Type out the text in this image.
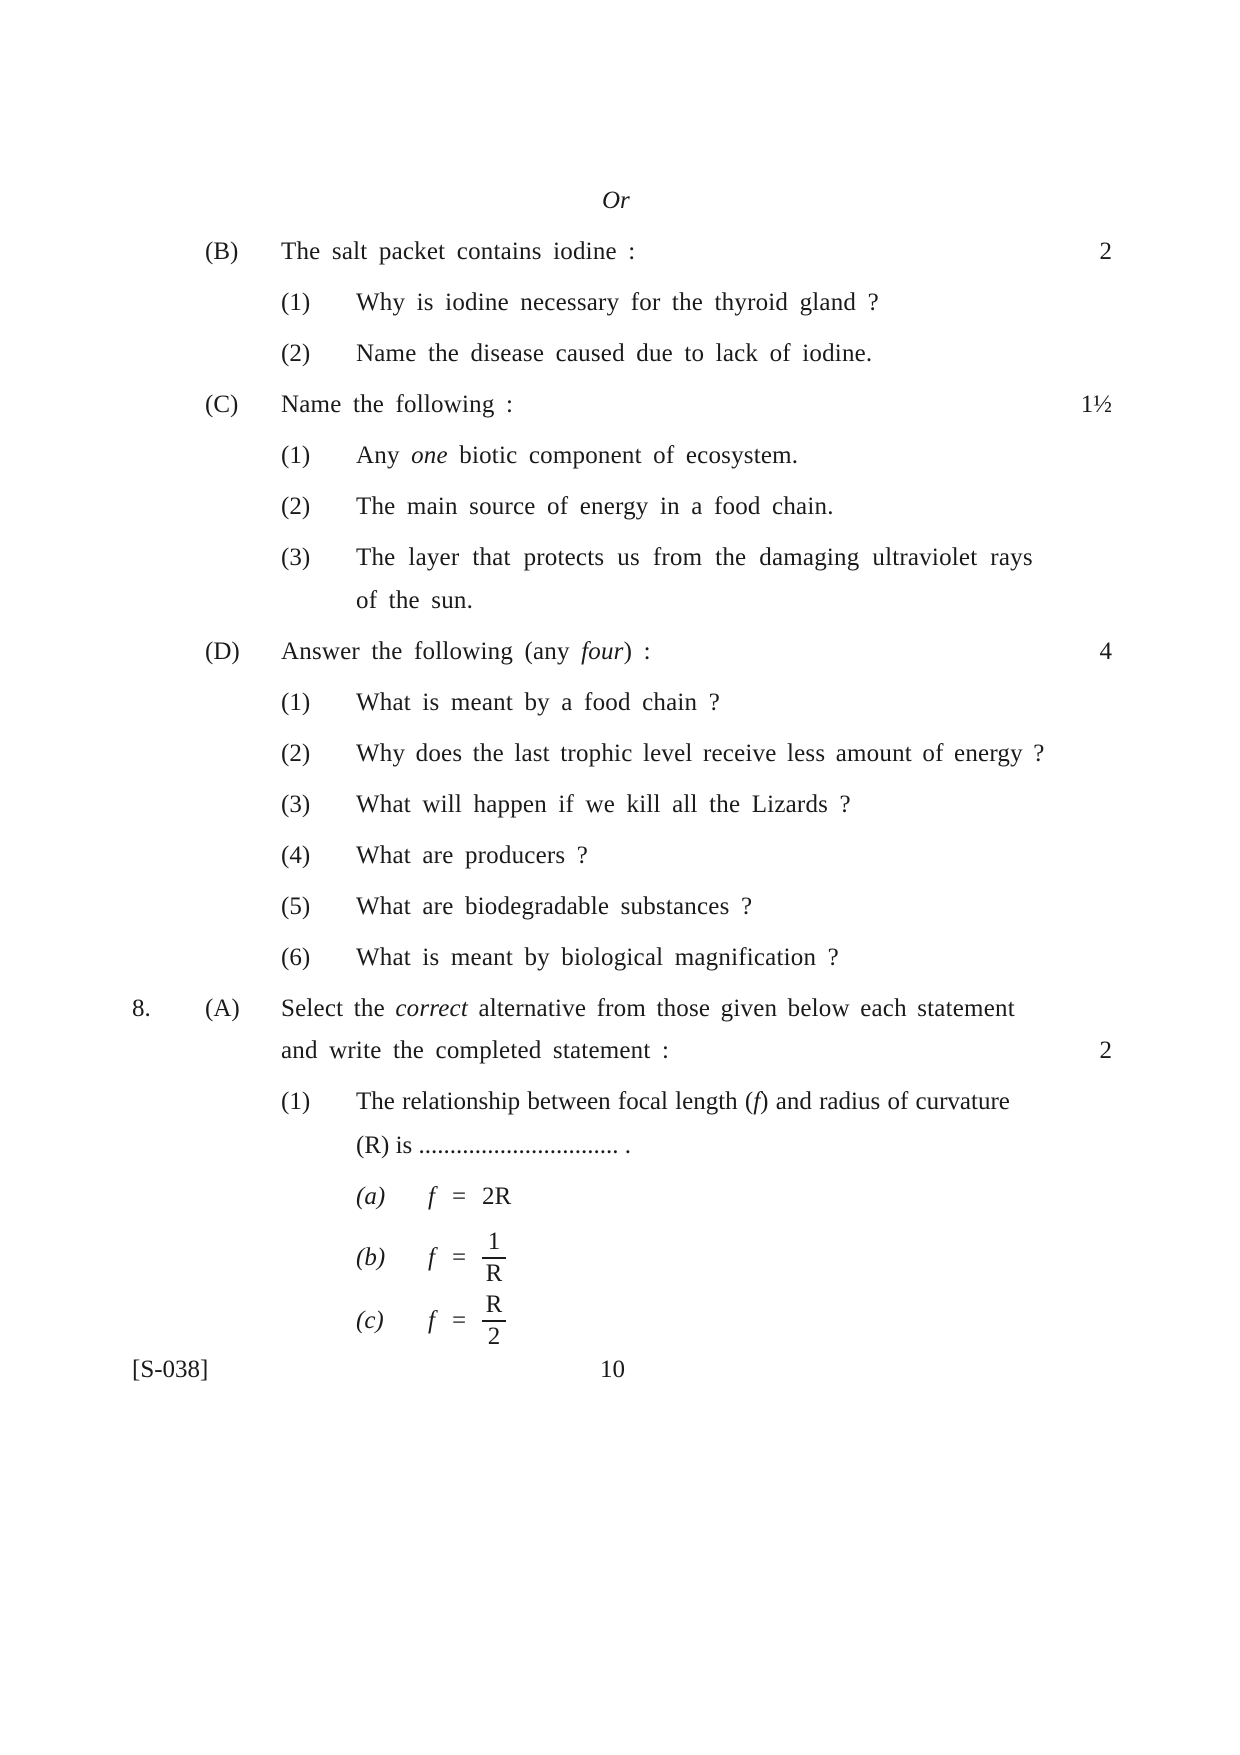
Or
(B) The salt packet contains iodine :	2
(1) Why is iodine necessary for the thyroid gland ?
(2) Name the disease caused due to lack of iodine.
(C) Name the following :	1½
(1) Any one biotic component of ecosystem.
(2) The main source of energy in a food chain.
(3) The layer that protects us from the damaging ultraviolet rays
of the sun.
(D) Answer the following (any four) :	4
(1) What is meant by a food chain ?
(2) Why does the last trophic level receive less amount of energy ?
(3) What will happen if we kill all the Lizards ?
(4) What are producers ?
(5) What are biodegradable substances ?
(6) What is meant by biological magnification ?
8. (A) Select the correct alternative from those given below each statement
and write the completed statement :	2
(1) The relationship between focal length (f) and radius of curvature
(R) is ................................ .
(a) f = 2R
(b) f =
1
R
(c) f =
R
2
[S-038]	10
